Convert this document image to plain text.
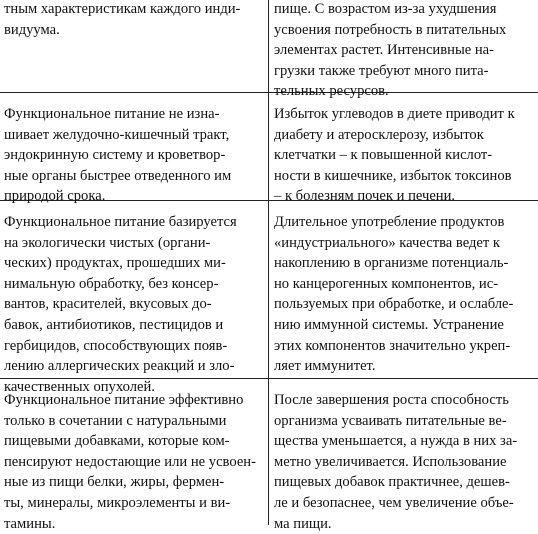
тным характеристикам каждого инди-
видуума.
пище. С возрастом из-за ухудшения
усвоения потребность в питательных
элементах растет. Интенсивные на-
грузки также требуют много пита-
тельных ресурсов.
Функциональное питание не изна-
шивает желудочно-кишечный тракт,
эндокринную систему и кроветвор-
ные органы быстрее отведенного им
природой срока.
Избыток углеводов в диете приводит к
диабету и атеросклерозу, избыток
клетчатки – к повышенной кислот-
ности в кишечнике, избыток токсинов
– к болезням почек и печени.
Функциональное питание базируется
на экологически чистых (органи-
ческих) продуктах, прошедших ми-
нимальную обработку, без консер-
вантов, красителей, вкусовых до-
бавок, антибиотиков, пестицидов и
гербицидов, способствующих появ-
лению аллергических реакций и зло-
качественных опухолей.
Длительное употребление продуктов
«индустриального» качества ведет к
накоплению в организме потенциаль-
но канцерогенных компонентов, ис-
пользуемых при обработке, и ослабле-
нию иммунной системы. Устранение
этих компонентов значительно укреп-
ляет иммунитет.
Функциональное питание эффективно
только в сочетании с натуральными
пищевыми добавками, которые ком-
пенсируют недостающие или не усвоен-
ные из пищи белки, жиры, фермен-
ты, минералы, микроэлементы и ви-
тамины.
После завершения роста способность
организма усваивать питательные ве-
щества уменьшается, а нужда в них за-
метно увеличивается. Использование
пищевых добавок практичнее, дешев-
ле и безопаснее, чем увеличение объе-
ма пищи.
